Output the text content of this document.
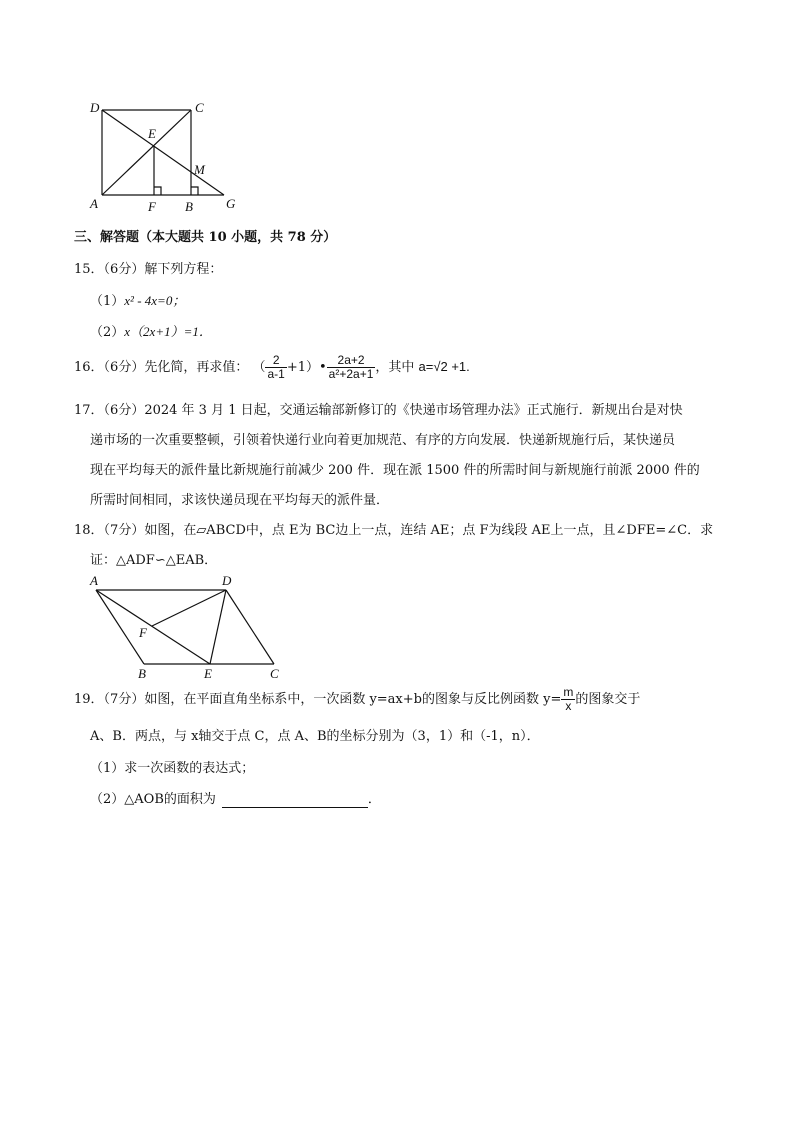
D	C
E
M
A	F B	G
三、解答题（本大题共 10 小题，共 78 分）
15．（6分）解下列方程：
（1）x² - 4x=0；
（2）x（2x+1）=1．
16．（6分）先化简，再求值： （ $\frac{2}{a-1}$ +1）• $\frac{2a+2}{\text{a²+2a+1}}$ ，其中 a=√2 +1.
17．（6分）2024 年 3 月 1 日起，交通运输部新修订的《快递市场管理办法》正式施行．新规出台是对快
递市场的一次重要整顿，引领着快递行业向着更加规范、有序的方向发展．快递新规施行后，某快递员
现在平均每天的派件量比新规施行前减少 200 件．现在派 1500 件的所需时间与新规施行前派 2000 件的
所需时间相同，求该快递员现在平均每天的派件量．
18．（7分）如图，在▱ABCD中，点 E为 BC边上一点，连结 AE；点 F为线段 AE上一点，且∠DFE=∠C．求
证：△ADF∽△EAB．
A	D
F
B	E	C
19．（7分）如图，在平面直角坐标系中，一次函数 y=ax+b的图象与反比例函数 $y= \frac{m}{x}$ 的图象交于
A、B．两点，与 x轴交于点 C，点 A、B的坐标分别为（3，1）和（-1，n）．
（1）求一次函数的表达式；
（2）△AOB的面积为	．
